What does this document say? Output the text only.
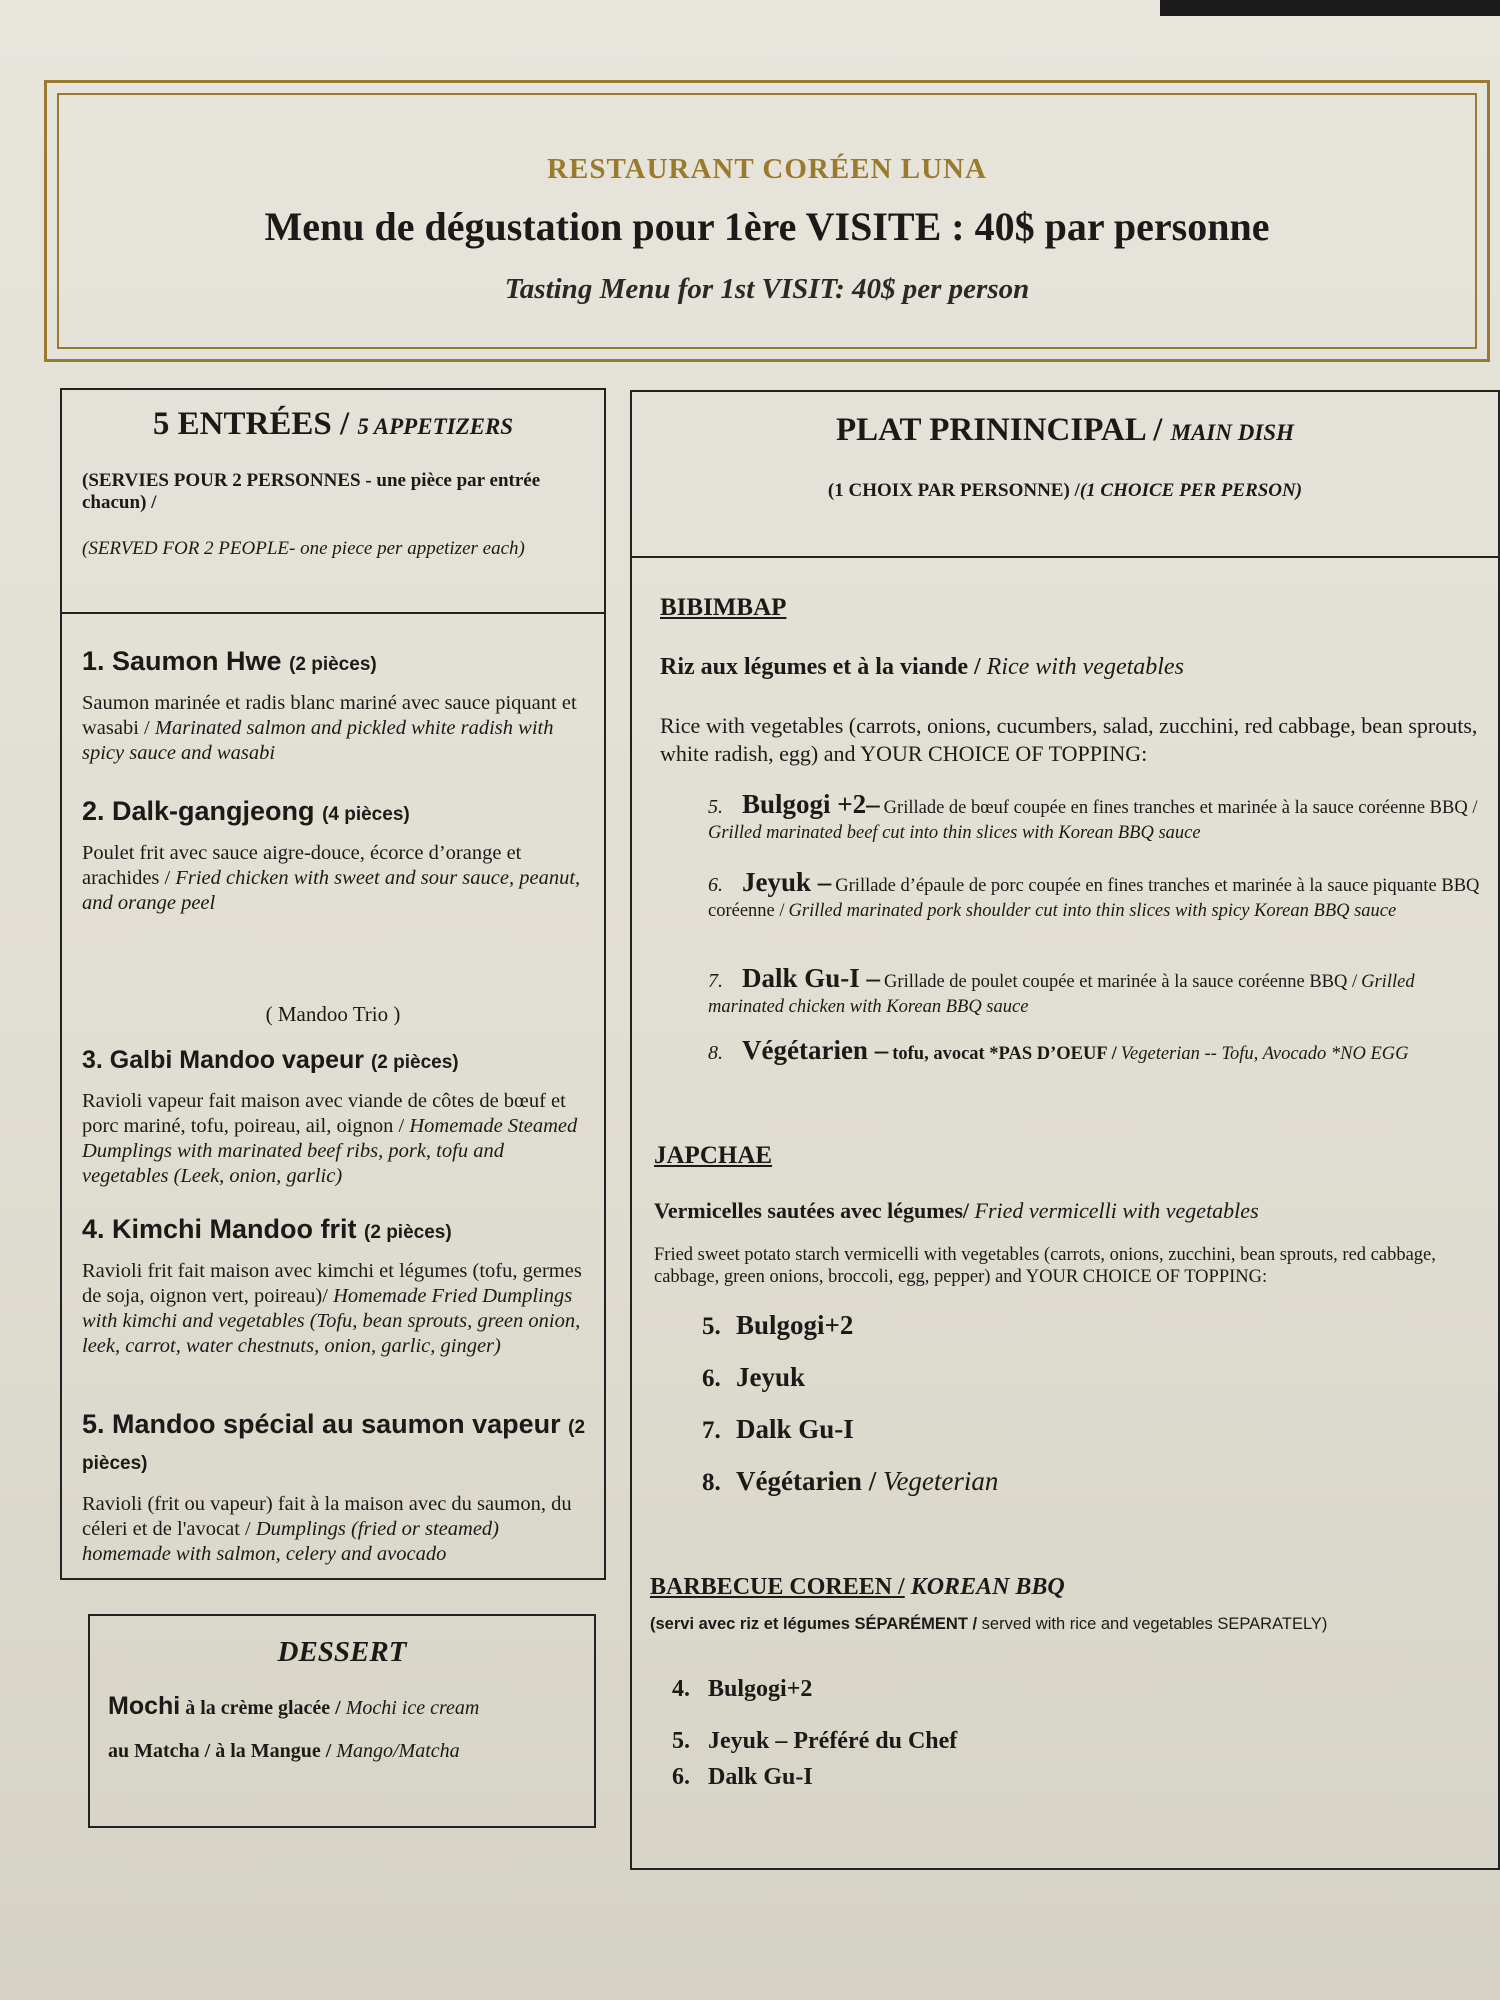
RESTAURANT CORÉEN LUNA
Menu de dégustation pour 1ère VISITE : 40$ par personne
Tasting Menu for 1st VISIT: 40$ per person
5 ENTRÉES / 5 APPETIZERS
(SERVIES POUR 2 PERSONNES - une pièce par entrée chacun) /
(SERVED FOR 2 PEOPLE- one piece per appetizer each)
1. Saumon Hwe (2 pièces)
Saumon marinée et radis blanc mariné avec sauce piquant et wasabi / Marinated salmon and pickled white radish with spicy sauce and wasabi
2. Dalk-gangjeong (4 pièces)
Poulet frit avec sauce aigre-douce, écorce d’orange et arachides / Fried chicken with sweet and sour sauce, peanut, and orange peel
( Mandoo Trio )
3. Galbi Mandoo vapeur (2 pièces)
Ravioli vapeur fait maison avec viande de côtes de bœuf et porc mariné, tofu, poireau, ail, oignon / Homemade Steamed Dumplings with marinated beef ribs, pork, tofu and vegetables (Leek, onion, garlic)
4. Kimchi Mandoo frit (2 pièces)
Ravioli frit fait maison avec kimchi et légumes (tofu, germes de soja, oignon vert, poireau)/ Homemade Fried Dumplings with kimchi and vegetables (Tofu, bean sprouts, green onion, leek, carrot, water chestnuts, onion, garlic, ginger)
5. Mandoo spécial au saumon vapeur (2 pièces)
Ravioli (frit ou vapeur) fait à la maison avec du saumon, du céleri et de l'avocat / Dumplings (fried or steamed) homemade with salmon, celery and avocado
DESSERT
Mochi à la crème glacée / Mochi ice cream
au Matcha / à la Mangue / Mango/Matcha
PLAT PRININCIPAL / MAIN DISH
(1 CHOIX PAR PERSONNE) /(1 CHOICE PER PERSON)
BIBIMBAP
Riz aux légumes et à la viande / Rice with vegetables
Rice with vegetables (carrots, onions, cucumbers, salad, zucchini, red cabbage, bean sprouts, white radish, egg) and YOUR CHOICE OF TOPPING:
5. Bulgogi +2– Grillade de bœuf coupée en fines tranches et marinée à la sauce coréenne BBQ / Grilled marinated beef cut into thin slices with Korean BBQ sauce
6. Jeyuk – Grillade d’épaule de porc coupée en fines tranches et marinée à la sauce piquante BBQ coréenne / Grilled marinated pork shoulder cut into thin slices with spicy Korean BBQ sauce
7. Dalk Gu-I – Grillade de poulet coupée et marinée à la sauce coréenne BBQ / Grilled marinated chicken with Korean BBQ sauce
8. Végétarien – tofu, avocat *PAS D’OEUF / Vegeterian -- Tofu, Avocado *NO EGG
JAPCHAE
Vermicelles sautées avec légumes/ Fried vermicelli with vegetables
Fried sweet potato starch vermicelli with vegetables (carrots, onions, zucchini, bean sprouts, red cabbage, cabbage, green onions, broccoli, egg, pepper) and YOUR CHOICE OF TOPPING:
5. Bulgogi+2
6. Jeyuk
7. Dalk Gu-I
8. Végétarien / Vegeterian
BARBECUE COREEN / KOREAN BBQ
(servi avec riz et légumes SÉPARÉMENT / served with rice and vegetables SEPARATELY)
4. Bulgogi+2
5. Jeyuk – Préféré du Chef
6. Dalk Gu-I
